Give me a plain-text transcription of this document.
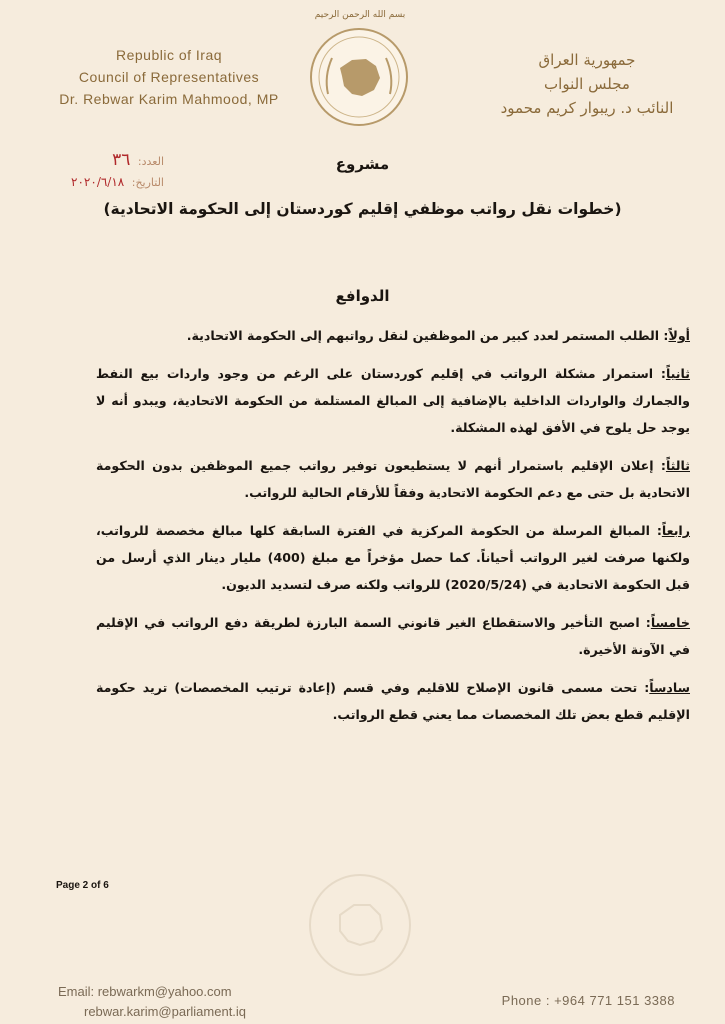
Republic of Iraq
Council of Representatives
Dr. Rebwar Karim Mahmood, MP
بسم الله الرحمن الرحيم
جمهورية العراق
مجلس النواب
النائب د. ريبوار كريم محمود
العدد: ٣٦
التاريخ: ٢٠٢٠/٦/١٨
مشروع
(خطوات نقل رواتب موظفي إقليم كوردستان إلى الحكومة الاتحادية)
الدوافع

أولاً: الطلب المستمر لعدد كبير من الموظفين لنقل رواتبهم إلى الحكومة الاتحادية.

ثانياً: استمرار مشكلة الرواتب في إقليم كوردستان على الرغم من وجود واردات بيع النفط والجمارك والواردات الداخلية بالإضافية إلى المبالغ المستلمة من الحكومة الاتحادية، ويبدو أنه لا يوجد حل يلوح في الأفق لهذه المشكلة.

ثالثاً: إعلان الإقليم باستمرار أنهم لا يستطيعون توفير رواتب جميع الموظفين بدون الحكومة الاتحادية بل حتى مع دعم الحكومة الاتحادية وفقاً للأرقام الحالية للرواتب.

رابعاً: المبالغ المرسلة من الحكومة المركزية في الفترة السابقة كلها مبالغ مخصصة للرواتب، ولكنها صرفت لغير الرواتب أحياناً. كما حصل مؤخراً مع مبلغ (400) مليار دينار الذي أرسل من قبل الحكومة الاتحادية في (2020/5/24) للرواتب ولكنه صرف لتسديد الديون.

خامساً: اصبح التأخير والاستقطاع الغير قانوني السمة البارزة لطريقة دفع الرواتب في الإقليم في الآونة الأخيرة.

سادساً: تحت مسمى قانون الإصلاح للاقليم وفي قسم (إعادة ترتيب المخصصات) تريد حكومة الإقليم قطع بعض تلك المخصصات مما يعني قطع الرواتب.

Page 2 of 6
Email: rebwarkm@yahoo.com
rebwar.karim@parliament.iq
Phone : +964 771 151 3388
